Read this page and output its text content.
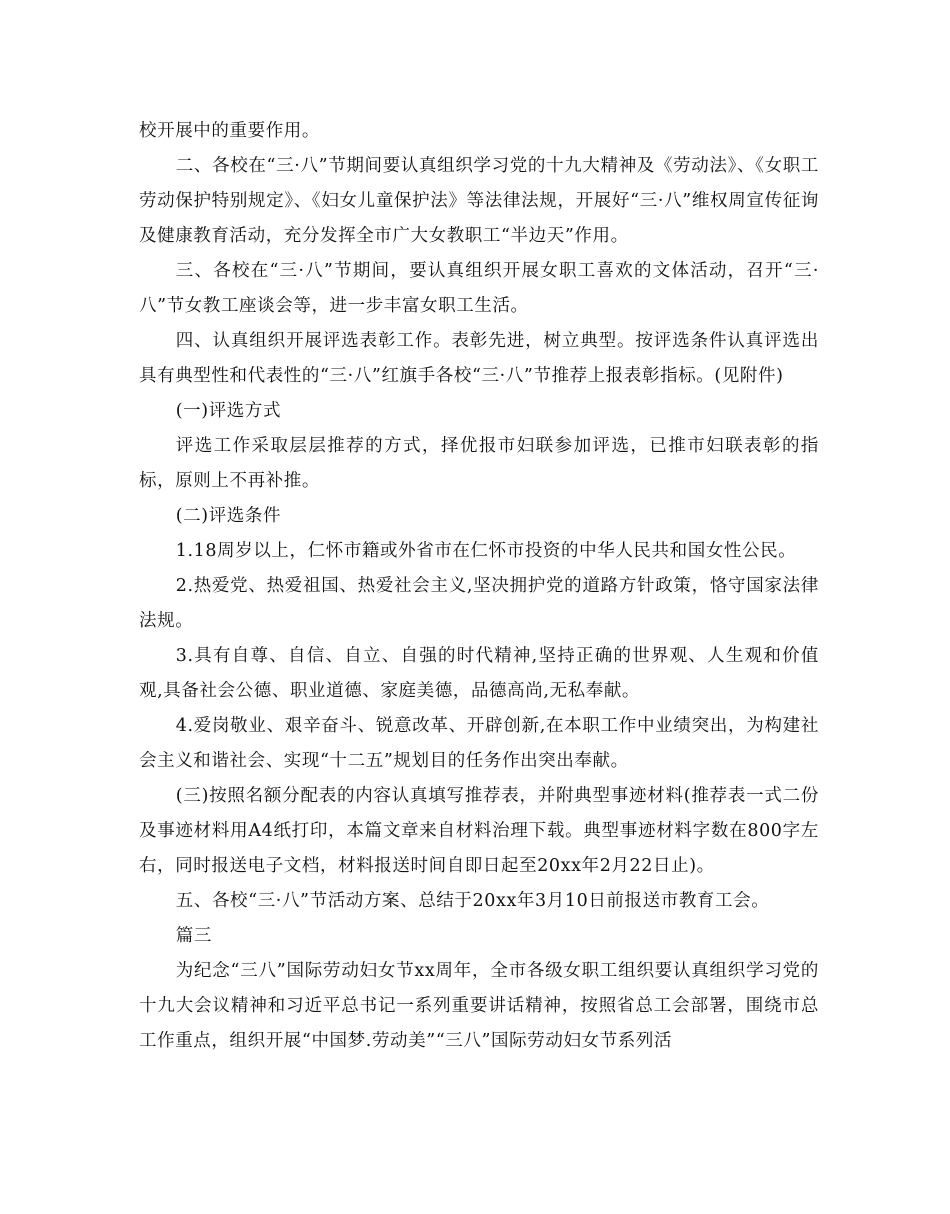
校开展中的重要作用。

二、各校在“三·八”节期间要认真组织学习党的十九大精神及《劳动法》、《女职工劳动保护特别规定》、《妇女儿童保护法》等法律法规，开展好“三·八”维权周宣传征询及健康教育活动，充分发挥全市广大女教职工“半边天”作用。

三、各校在“三·八”节期间，要认真组织开展女职工喜欢的文体活动，召开“三·八”节女教工座谈会等，进一步丰富女职工生活。

四、认真组织开展评选表彰工作。表彰先进，树立典型。按评选条件认真评选出具有典型性和代表性的“三·八”红旗手各校“三·八”节推荐上报表彰指标。(见附件)

(一)评选方式

评选工作采取层层推荐的方式，择优报市妇联参加评选，已推市妇联表彰的指标，原则上不再补推。

(二)评选条件

1.18周岁以上，仁怀市籍或外省市在仁怀市投资的中华人民共和国女性公民。

2.热爱党、热爱祖国、热爱社会主义,坚决拥护党的道路方针政策，恪守国家法律法规。

3.具有自尊、自信、自立、自强的时代精神,坚持正确的世界观、人生观和价值观,具备社会公德、职业道德、家庭美德，品德高尚,无私奉献。

4.爱岗敬业、艰辛奋斗、锐意改革、开辟创新,在本职工作中业绩突出，为构建社会主义和谐社会、实现“十二五”规划目的任务作出突出奉献。

(三)按照名额分配表的内容认真填写推荐表，并附典型事迹材料(推荐表一式二份及事迹材料用A4纸打印，本篇文章来自材料治理下载。典型事迹材料字数在800字左右，同时报送电子文档，材料报送时间自即日起至20xx年2月22日止)。

五、各校“三·八”节活动方案、总结于20xx年3月10日前报送市教育工会。

篇三

为纪念“三八”国际劳动妇女节xx周年，全市各级女职工组织要认真组织学习党的十九大会议精神和习近平总书记一系列重要讲话精神，按照省总工会部署，围绕市总工作重点，组织开展“中国梦.劳动美”“三八”国际劳动妇女节系列活
